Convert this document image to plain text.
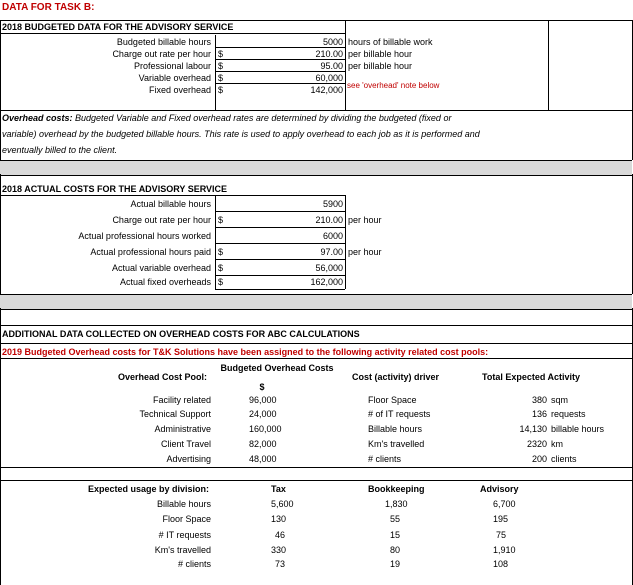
DATA FOR TASK B:
2018 BUDGETED DATA FOR THE ADVISORY SERVICE
Budgeted billable hours	5000 hours of billable work
Charge out rate per hour $	210.00 per billable hour
Professional labour $	95.00 per billable hour
Variable overhead $	60,000
Fixed overhead $	142,000 see 'overhead' note below
Overhead costs: Budgeted Variable and Fixed overhead rates are determined by dividing the budgeted (fixed or
variable) overhead by the budgeted billable hours. This rate is used to apply overhead to each job as it is performed and
eventually billed to the client.
2018 ACTUAL COSTS FOR THE ADVISORY SERVICE
Actual billable hours	5900
Charge out rate per hour $	210.00 per hour
Actual professional hours worked	6000
Actual professional hours paid $	97.00 per hour
Actual variable overhead $	56,000
Actual fixed overheads $	162,000
ADDITIONAL DATA COLLECTED ON OVERHEAD COSTS FOR ABC CALCULATIONS
2019 Budgeted Overhead costs for T&K Solutions have been assigned to the following activity related cost pools:
Overhead Cost Pool:
Budgeted Overhead Costs
$
Cost (activity) driver	Total Expected Activity
Facility related	96,000	Floor Space	380 sqm
Technical Support	24,000	# of IT requests	136 requests
Administrative	160,000	Billable hours	14,130 billable hours
Client Travel	82,000	Km's travelled	2320 km
Advertising	48,000	# clients	200 clients
Expected usage by division:	Tax	Bookkeeping	Advisory
Billable hours	5,600	1,830	6,700
Floor Space	130	55	195
# IT requests	46	15	75
Km's travelled	330	80	1,910
# clients	73	19	108
